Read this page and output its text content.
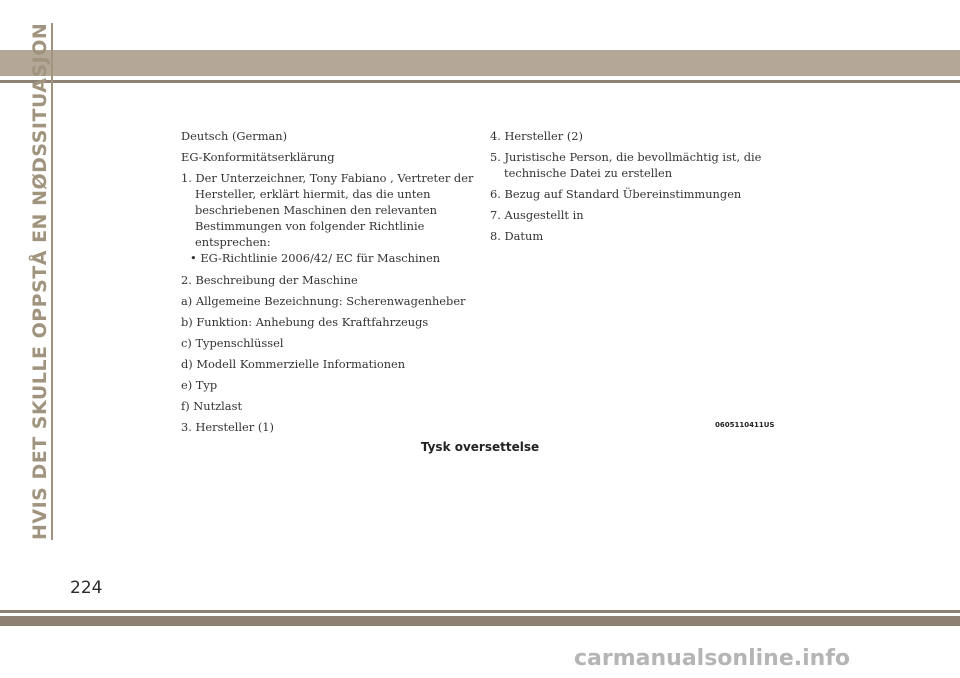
HVIS DET SKULLE OPPSTÅ EN NØDSSITUASJON	Deutsch (German)

EG-Konformitätserklärung

1. Der Unterzeichner, Tony Fabiano , Vertreter der Hersteller, erklärt hiermit, das die unten beschriebenen Maschinen den relevanten Bestimmungen von folgender Richtlinie entsprechen:

• EG-Richtlinie 2006/42/ EC für Maschinen

2. Beschreibung der Maschine

a) Allgemeine Bezeichnung: Scherenwagenheber

b) Funktion: Anhebung des Kraftfahrzeugs

c) Typenschlüssel

d) Modell Kommerzielle Informationen

e) Typ

f) Nutzlast

3. Hersteller (1)

4. Hersteller (2)

5. Juristische Person, die bevollmächtig ist, die technische Datei zu erstellen

6. Bezug auf Standard Übereinstimmungen

7. Ausgestellt in

8. Datum

0605110411US
Tysk oversettelse
224
carmanualsonline.info
